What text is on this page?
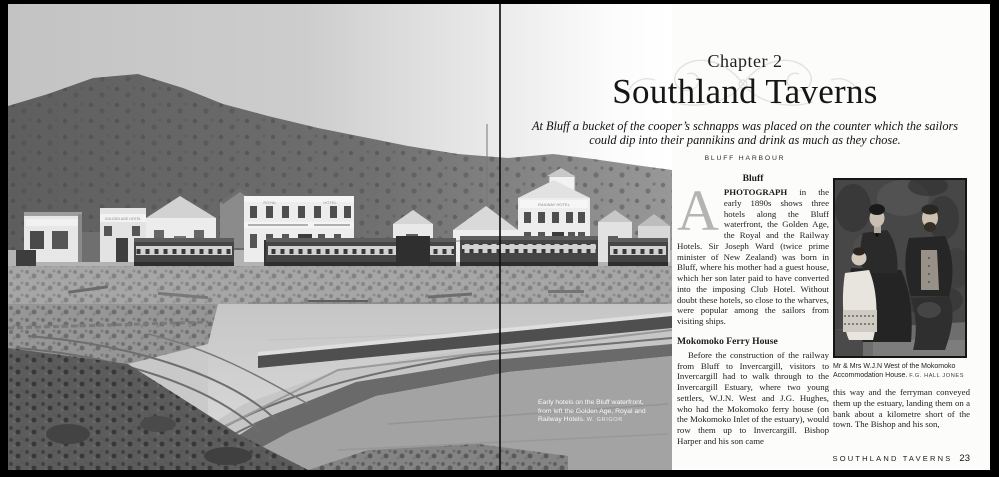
GOLDEN AGE HOTEL
ROYAL	HOTEL	RAILWAY HOTEL
Early hotels on the Bluff waterfront, from left the Golden Age, Royal and Railway Hotels. W. GRIGOR
Chapter 2
Southland Taverns
At Bluff a bucket of the cooper’s schnapps was placed on the counter which the sailors
could dip into their pannikins and drink as much as they chose.
BLUFF HARBOUR
Bluff

APHOTOGRAPH in the early 1890s shows three hotels along the Bluff waterfront, the Golden Age, the Royal and the Railway Hotels. Sir Joseph Ward (twice prime minister of New Zealand) was born in Bluff, where his mother had a guest house, which her son later paid to have converted into the imposing Club Hotel. Without doubt these hotels, so close to the wharves, were popular among the sailors from visiting ships.

Mokomoko Ferry House

Before the construction of the railway from Bluff to Invercargill, visitors to Invercargill had to walk through to the Invercargill Estuary, where two young settlers, W.J.N. West and J.G. Hughes, who had the Mokomoko ferry house (on the Mokomoko Inlet of the estuary), would row them up to Invercargill. Bishop Harper and his son came

Mr & Mrs W.J.N West of the Mokomoko Accommodation House. F.G. HALL JONES

this way and the ferryman conveyed them up the estuary, landing them on a bank about a kilometre short of the town. The Bishop and his son,

SOUTHLAND TAVERNS 23
